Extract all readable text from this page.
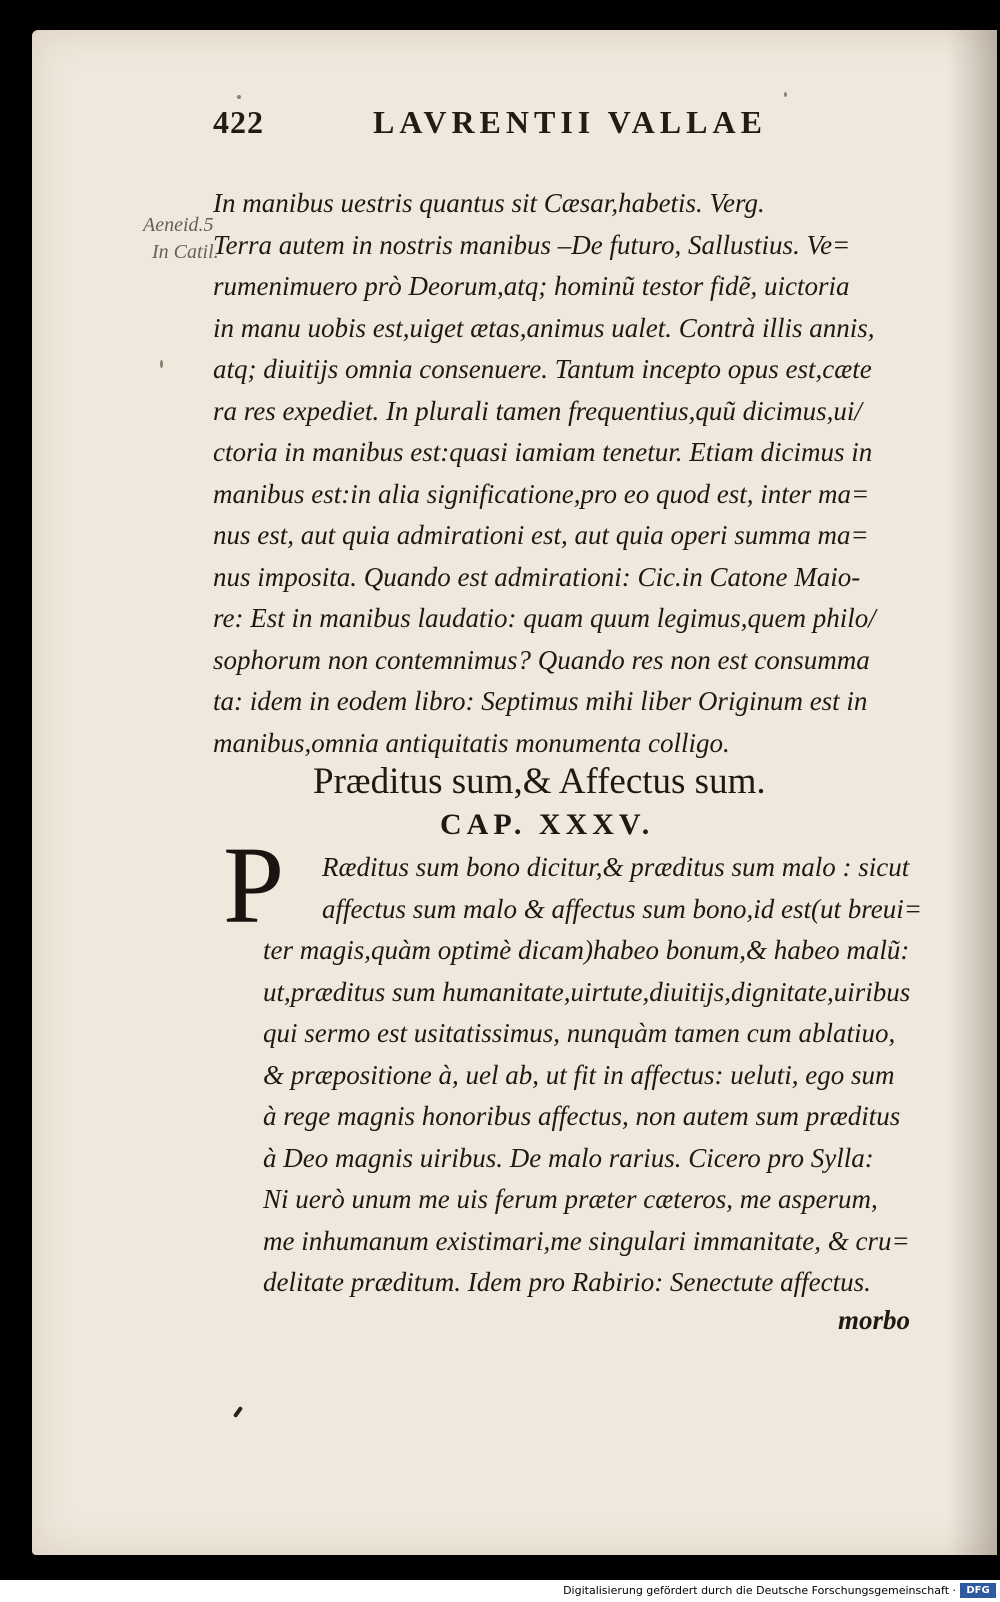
422	LAVRENTII VALLAE
Aeneid.5
In Catil.
In manibus uestris quantus sit Cæsar,habetis. Verg.
Terra autem in nostris manibus –De futuro, Sallustius. Ve=
rumenimuero prò Deorum,atq; hominũ testor fidẽ, uictoria
in manu uobis est,uiget ætas,animus ualet. Contrà illis annis,
atq; diuitijs omnia consenuere. Tantum incepto opus est,cæte
ra res expediet. In plurali tamen frequentius,quũ dicimus,ui/
ctoria in manibus est:quasi iamiam tenetur. Etiam dicimus in
manibus est:in alia significatione,pro eo quod est, inter ma=
nus est, aut quia admirationi est, aut quia operi summa ma=
nus imposita. Quando est admirationi: Cic.in Catone Maio-
re: Est in manibus laudatio: quam quum legimus,quem philo/
sophorum non contemnimus? Quando res non est consumma
ta: idem in eodem libro: Septimus mihi liber Originum est in
manibus,omnia antiquitatis monumenta colligo.
Præditus sum,& Affectus sum.
CAP. XXXV.
P Ræditus sum bono dicitur,& præditus sum malo : sicut
affectus sum malo & affectus sum bono,id est(ut breui=
ter magis,quàm optimè dicam)habeo bonum,& habeo malũ:
ut,præditus sum humanitate,uirtute,diuitijs,dignitate,uiribus
qui sermo est usitatissimus, nunquàm tamen cum ablatiuo,
& præpositione à, uel ab, ut fit in affectus: ueluti, ego sum
à rege magnis honoribus affectus, non autem sum præditus
à Deo magnis uiribus. De malo rarius. Cicero pro Sylla:
Ni uerò unum me uis ferum præter cæteros, me asperum,
me inhumanum existimari,me singulari immanitate, & cru=
delitate præditum. Idem pro Rabirio: Senectute affectus.
morbo
Digitalisierung gefördert durch die Deutsche Forschungsgemeinschaft ·	DFG
